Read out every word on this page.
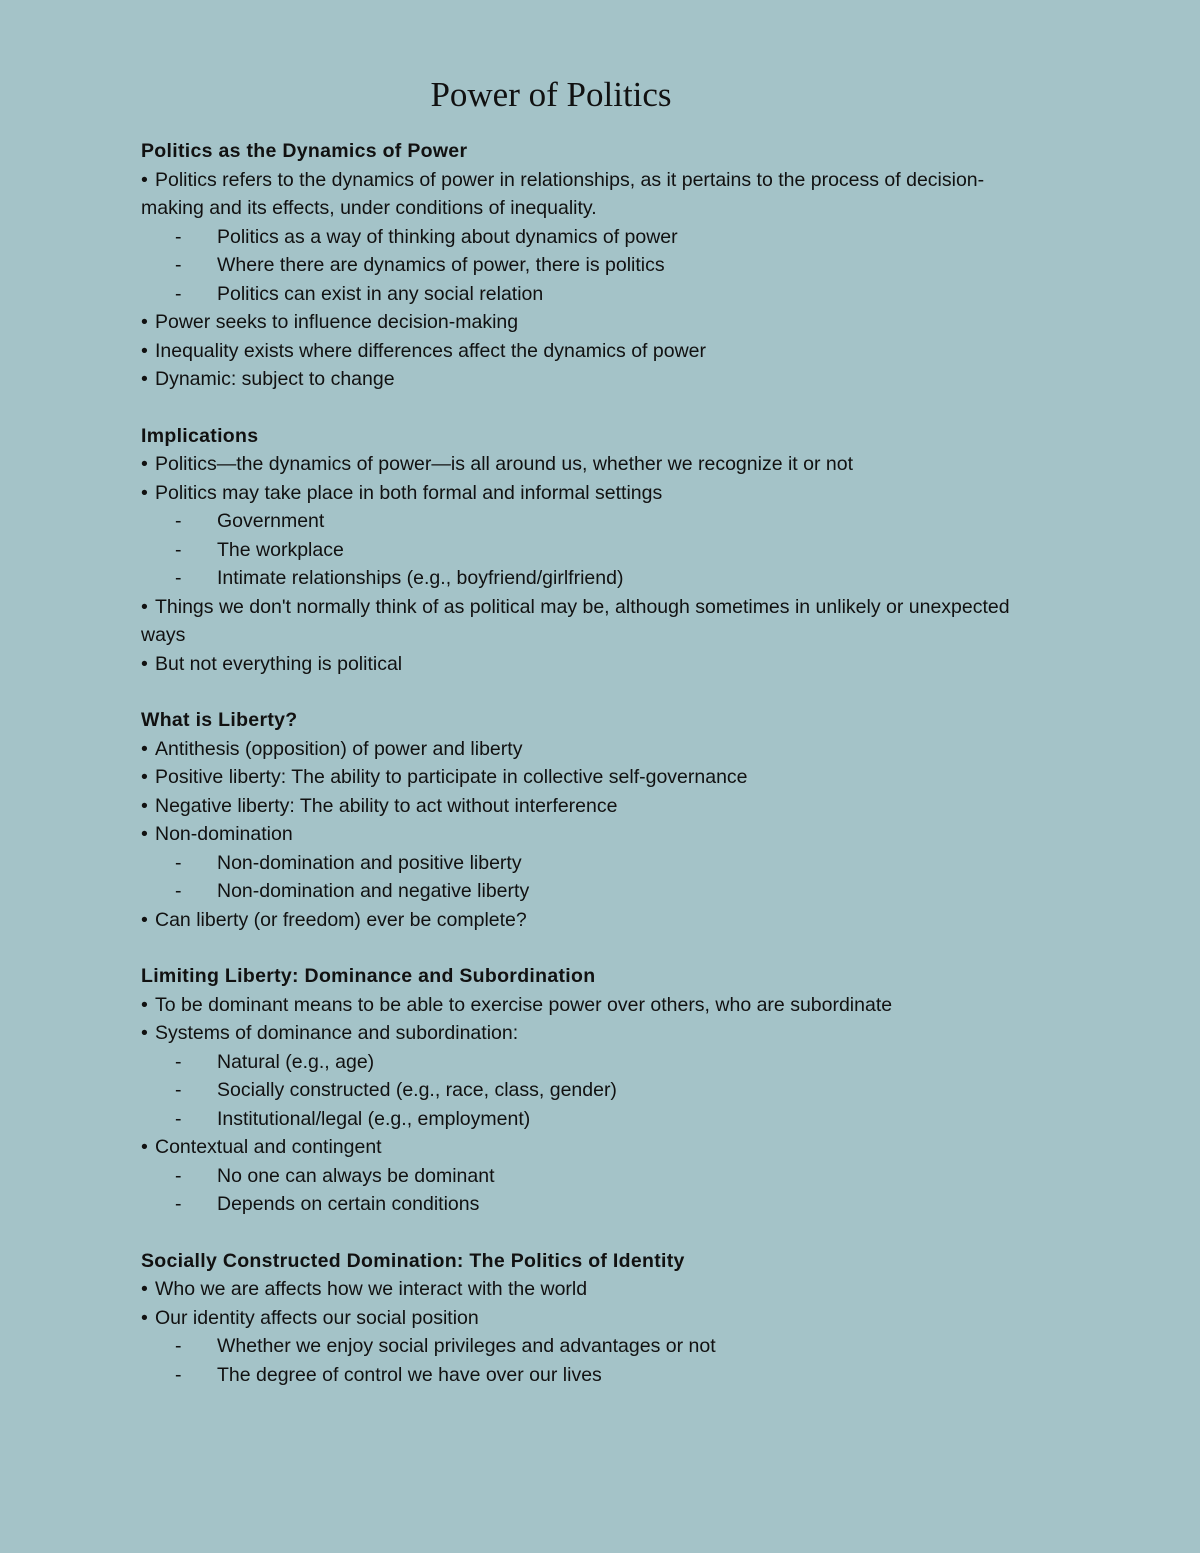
Power of Politics
Politics as the Dynamics of Power
• Politics refers to the dynamics of power in relationships, as it pertains to the process of decision-making and its effects, under conditions of inequality.
- Politics as a way of thinking about dynamics of power
- Where there are dynamics of power, there is politics
- Politics can exist in any social relation
• Power seeks to influence decision-making
• Inequality exists where differences affect the dynamics of power
• Dynamic: subject to change
Implications
• Politics—the dynamics of power—is all around us, whether we recognize it or not
• Politics may take place in both formal and informal settings
- Government
- The workplace
- Intimate relationships (e.g., boyfriend/girlfriend)
• Things we don't normally think of as political may be, although sometimes in unlikely or unexpected ways
• But not everything is political
What is Liberty?
• Antithesis (opposition) of power and liberty
• Positive liberty: The ability to participate in collective self-governance
• Negative liberty: The ability to act without interference
• Non-domination
- Non-domination and positive liberty
- Non-domination and negative liberty
• Can liberty (or freedom) ever be complete?
Limiting Liberty: Dominance and Subordination
• To be dominant means to be able to exercise power over others, who are subordinate
• Systems of dominance and subordination:
- Natural (e.g., age)
- Socially constructed (e.g., race, class, gender)
- Institutional/legal (e.g., employment)
• Contextual and contingent
- No one can always be dominant
- Depends on certain conditions
Socially Constructed Domination: The Politics of Identity
• Who we are affects how we interact with the world
• Our identity affects our social position
- Whether we enjoy social privileges and advantages or not
- The degree of control we have over our lives
